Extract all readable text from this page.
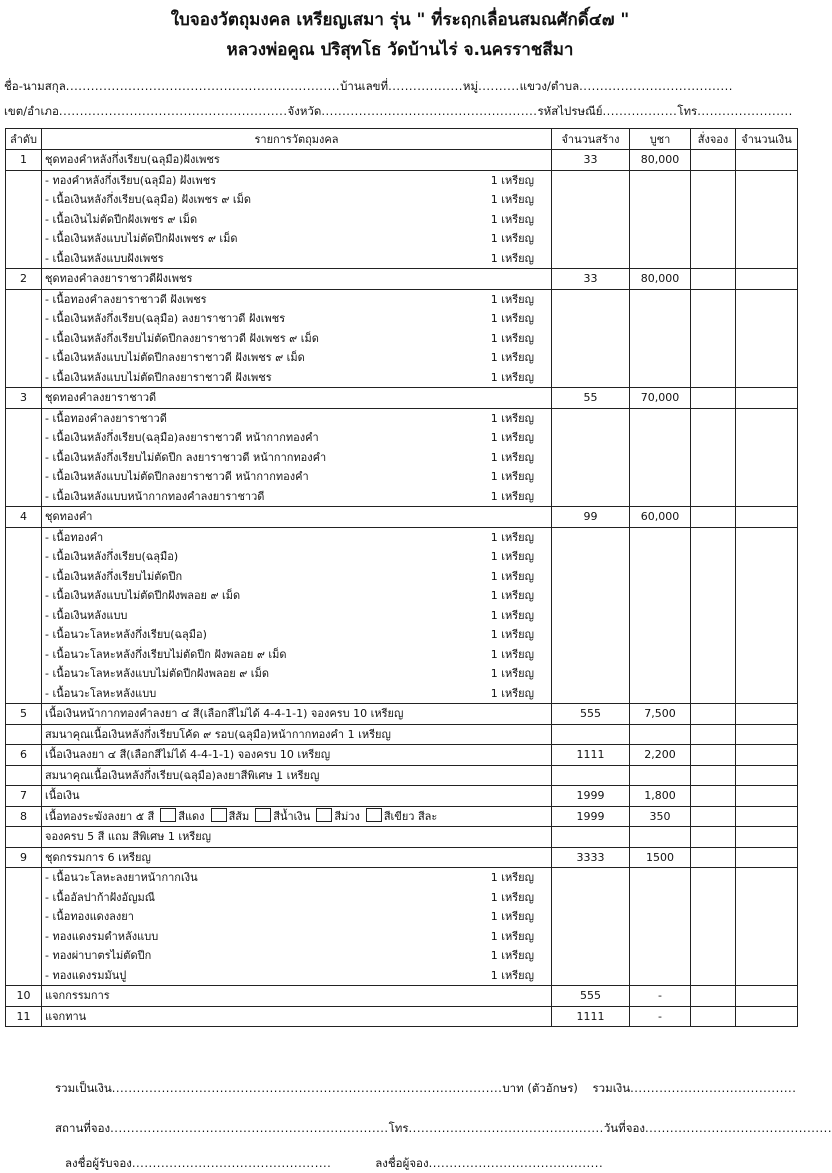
ใบจองวัตถุมงคล เหรียญเสมา รุ่น " ที่ระฤกเลื่อนสมณศักดิ์๔๗ "
หลวงพ่อคูณ ปริสุทโธ วัดบ้านไร่ จ.นครราชสีมา
ชื่อ-นามสกุล..................................................................บ้านเลขที่..................หมู่..........แขวง/ตำบล.....................................
เขต/อำเภอ.......................................................จังหวัด....................................................รหัสไปรษณีย์..................โทร.......................
ลำดับ	รายการวัตถุมงคล	จำนวนสร้าง	บูชา	สั่งจอง	จำนวนเงิน
1	ชุดทองคำหลังกึ่งเรียบ(ฉลุมือ)ฝังเพชร	33	80,000		
	- ทองคำหลังกึ่งเรียบ(ฉลุมือ) ฝังเพชร 1 เหรียญ				

	- เนื้อเงินหลังกึ่งเรียบ(ฉลุมือ) ฝังเพชร ๙ เม็ด 1 เหรียญ				

	- เนื้อเงินไม่ตัดปีกฝังเพชร ๙ เม็ด 1 เหรียญ				

	- เนื้อเงินหลังแบบไม่ตัดปีกฝังเพชร ๙ เม็ด 1 เหรียญ				

	- เนื้อเงินหลังแบบฝังเพชร 1 เหรียญ				

2	ชุดทองคำลงยาราชาวดีฝังเพชร	33	80,000		
	- เนื้อทองคำลงยาราชาวดี ฝังเพชร 1 เหรียญ				

	- เนื้อเงินหลังกึ่งเรียบ(ฉลุมือ) ลงยาราชาวดี ฝังเพชร 1 เหรียญ				

	- เนื้อเงินหลังกึ่งเรียบไม่ตัดปีกลงยาราชาวดี ฝังเพชร ๙ เม็ด 1 เหรียญ				

	- เนื้อเงินหลังแบบไม่ตัดปีกลงยาราชาวดี ฝังเพชร ๙ เม็ด 1 เหรียญ				

	- เนื้อเงินหลังแบบไม่ตัดปีกลงยาราชาวดี ฝังเพชร 1 เหรียญ				

3	ชุดทองคำลงยาราชาวดี	55	70,000		
	- เนื้อทองคำลงยาราชาวดี 1 เหรียญ				

	- เนื้อเงินหลังกึ่งเรียบ(ฉลุมือ)ลงยาราชาวดี หน้ากากทองคำ 1 เหรียญ				

	- เนื้อเงินหลังกึ่งเรียบไม่ตัดปีก ลงยาราชาวดี หน้ากากทองคำ 1 เหรียญ				

	- เนื้อเงินหลังแบบไม่ตัดปีกลงยาราชาวดี หน้ากากทองคำ 1 เหรียญ				

	- เนื้อเงินหลังแบบหน้ากากทองคำลงยาราชาวดี 1 เหรียญ				

4	ชุดทองคำ	99	60,000		
	- เนื้อทองคำ 1 เหรียญ				

	- เนื้อเงินหลังกึ่งเรียบ(ฉลุมือ) 1 เหรียญ				

	- เนื้อเงินหลังกึ่งเรียบไม่ตัดปีก 1 เหรียญ				

	- เนื้อเงินหลังแบบไม่ตัดปีกฝังพลอย ๙ เม็ด 1 เหรียญ				

	- เนื้อเงินหลังแบบ 1 เหรียญ				

	- เนื้อนวะโลหะหลังกึ่งเรียบ(ฉลุมือ) 1 เหรียญ				

	- เนื้อนวะโลหะหลังกึ่งเรียบไม่ตัดปีก ฝังพลอย ๙ เม็ด 1 เหรียญ				

	- เนื้อนวะโลหะหลังแบบไม่ตัดปีกฝังพลอย ๙ เม็ด 1 เหรียญ				

	- เนื้อนวะโลหะหลังแบบ 1 เหรียญ				

5	เนื้อเงินหน้ากากทองคำลงยา ๔ สี(เลือกสีไม่ได้ 4-4-1-1) จองครบ 10 เหรียญ	555	7,500		
	สมนาคุณเนื้อเงินหลังกึ่งเรียบโค้ด ๙ รอบ(ฉลุมือ)หน้ากากทองคำ 1 เหรียญ				
6	เนื้อเงินลงยา ๔ สี(เลือกสีไม่ได้ 4-4-1-1) จองครบ 10 เหรียญ	1111	2,200		
	สมนาคุณเนื้อเงินหลังกึ่งเรียบ(ฉลุมือ)ลงยาสีพิเศษ 1 เหรียญ				
7	เนื้อเงิน	1999	1,800		
8	เนื้อทองระฆังลงยา ๕ สี สีแดง สีส้ม สีน้ำเงิน สีม่วง สีเขียว สีละ	1999	350		
	จองครบ 5 สี แถม สีพิเศษ 1 เหรียญ				
9	ชุดกรรมการ 6 เหรียญ	3333	1500		
	- เนื้อนวะโลหะลงยาหน้ากากเงิน 1 เหรียญ				

	- เนื้ออัลปาก้าฝังอัญมณี 1 เหรียญ				

	- เนื้อทองแดงลงยา 1 เหรียญ				

	- ทองแดงรมดำหลังแบบ 1 เหรียญ				

	- ทองผ่าบาตรไม่ตัดปีก 1 เหรียญ				

	- ทองแดงรมมันปู 1 เหรียญ				

10	แจกกรรมการ	555	-		
11	แจกทาน	1111	-		
รวมเป็นเงิน..............................................................................................บาท (ตัวอักษร) รวมเงิน........................................
สถานที่จอง...................................................................โทร...............................................วันที่จอง.............................................
ลงชื่อผู้รับจอง................................................	ลงชื่อผู้จอง..........................................
